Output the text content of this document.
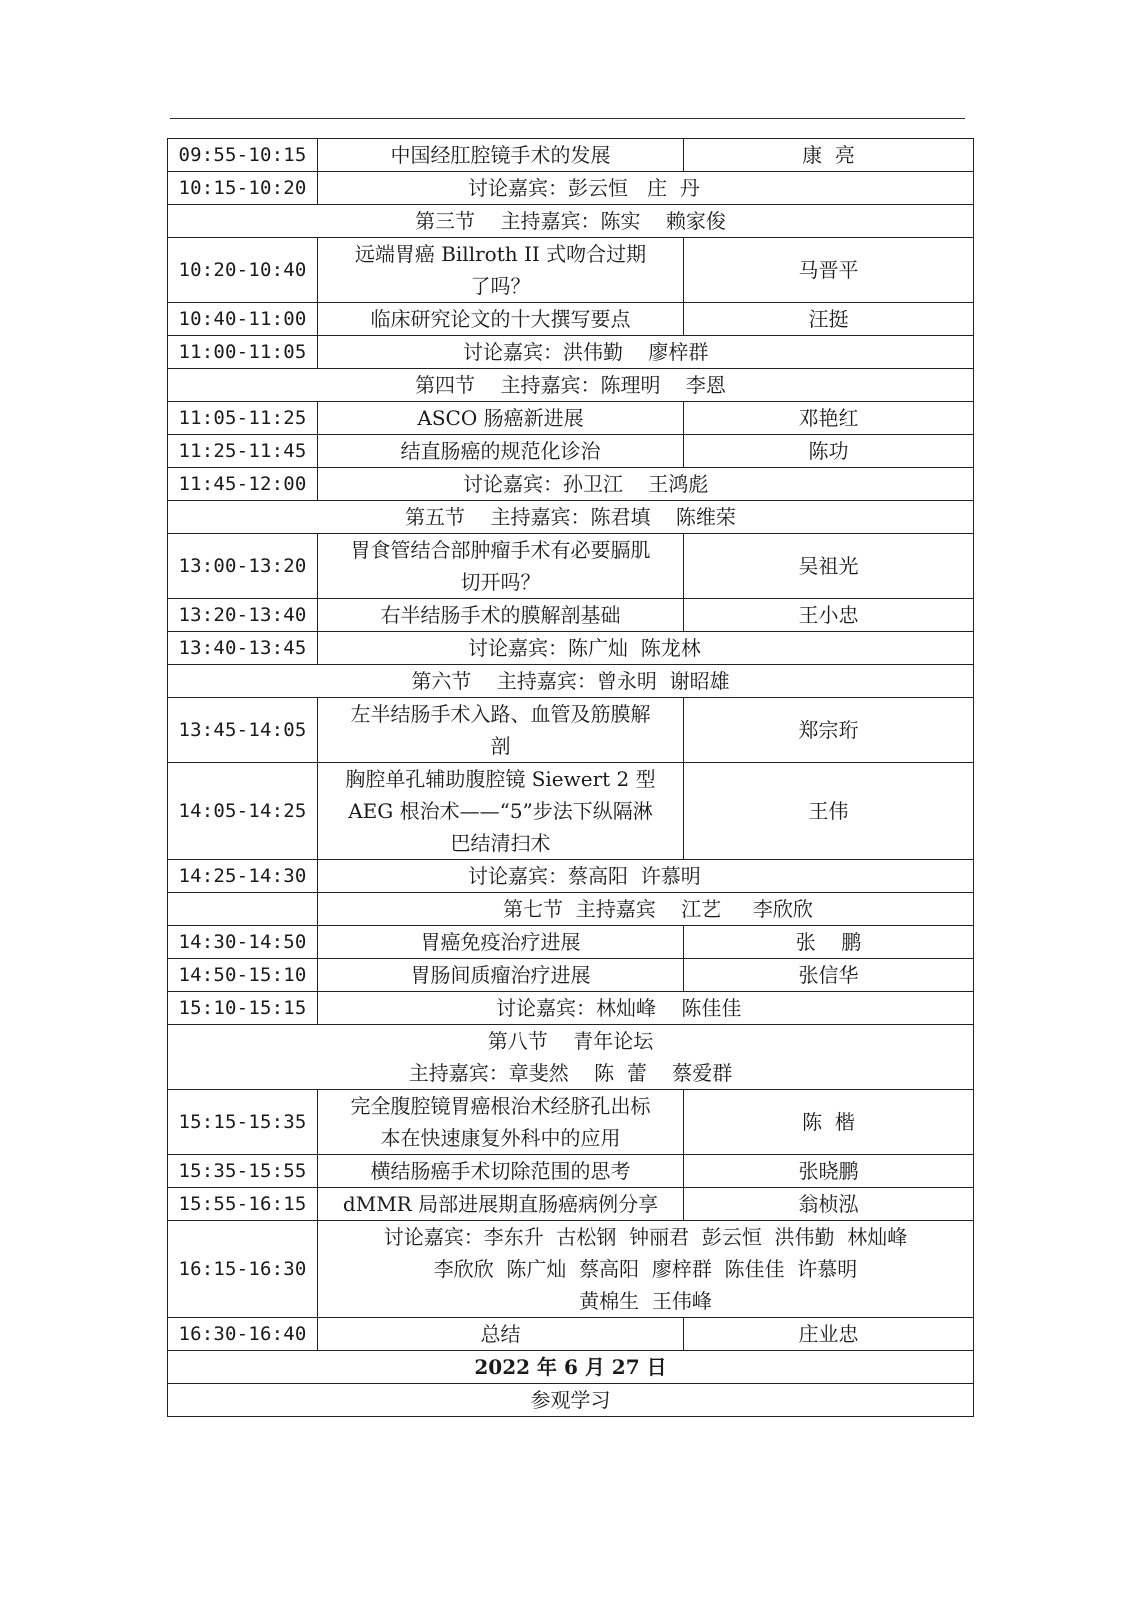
09:55-10:15	中国经肛腔镜手术的发展	康  亮
10:15-10:20	讨论嘉宾：彭云恒   庄  丹	

第三节    主持嘉宾：陈实    赖家俊		

10:20-10:40	远端胃癌 Billroth II 式吻合过期
了吗？	马晋平
10:40-11:00	临床研究论文的十大撰写要点	汪挺
11:00-11:05	讨论嘉宾：洪伟勤    廖梓群	

第四节    主持嘉宾：陈理明    李恩		

11:05-11:25	ASCO 肠癌新进展	邓艳红
11:25-11:45	结直肠癌的规范化诊治	陈功
11:45-12:00	讨论嘉宾：孙卫江    王鸿彪	

第五节    主持嘉宾：陈君填    陈维荣		

13:00-13:20	胃食管结合部肿瘤手术有必要膈肌
切开吗？	吴祖光
13:20-13:40	右半结肠手术的膜解剖基础	王小忠
13:40-13:45	讨论嘉宾：陈广灿  陈龙林	

第六节    主持嘉宾：曾永明  谢昭雄		

13:45-14:05	左半结肠手术入路、血管及筋膜解
剖	郑宗珩
14:05-14:25	胸腔单孔辅助腹腔镜 Siewert 2 型
AEG 根治术——“5”步法下纵隔淋
巴结清扫术	王伟
14:25-14:30	讨论嘉宾：蔡高阳  许慕明	

	第七节  主持嘉宾    江艺     李欣欣	
14:30-14:50	胃癌免疫治疗进展	张    鹏
14:50-15:10	胃肠间质瘤治疗进展	张信华
15:10-15:15	讨论嘉宾：林灿峰    陈佳佳	

第八节    青年论坛
主持嘉宾：章斐然    陈  蕾    蔡爱群		

15:15-15:35	完全腹腔镜胃癌根治术经脐孔出标
本在快速康复外科中的应用	陈  楷
15:35-15:55	横结肠癌手术切除范围的思考	张晓鹏
15:55-16:15	dMMR 局部进展期直肠癌病例分享	翁桢泓
16:15-16:30	讨论嘉宾：李东升  古松钢  钟丽君  彭云恒  洪伟勤  林灿峰
李欣欣  陈广灿  蔡高阳  廖梓群  陈佳佳  许慕明
黄棉生  王伟峰	

16:30-16:40	总结	庄业忠
2022 年 6 月 27 日		
参观学习		
